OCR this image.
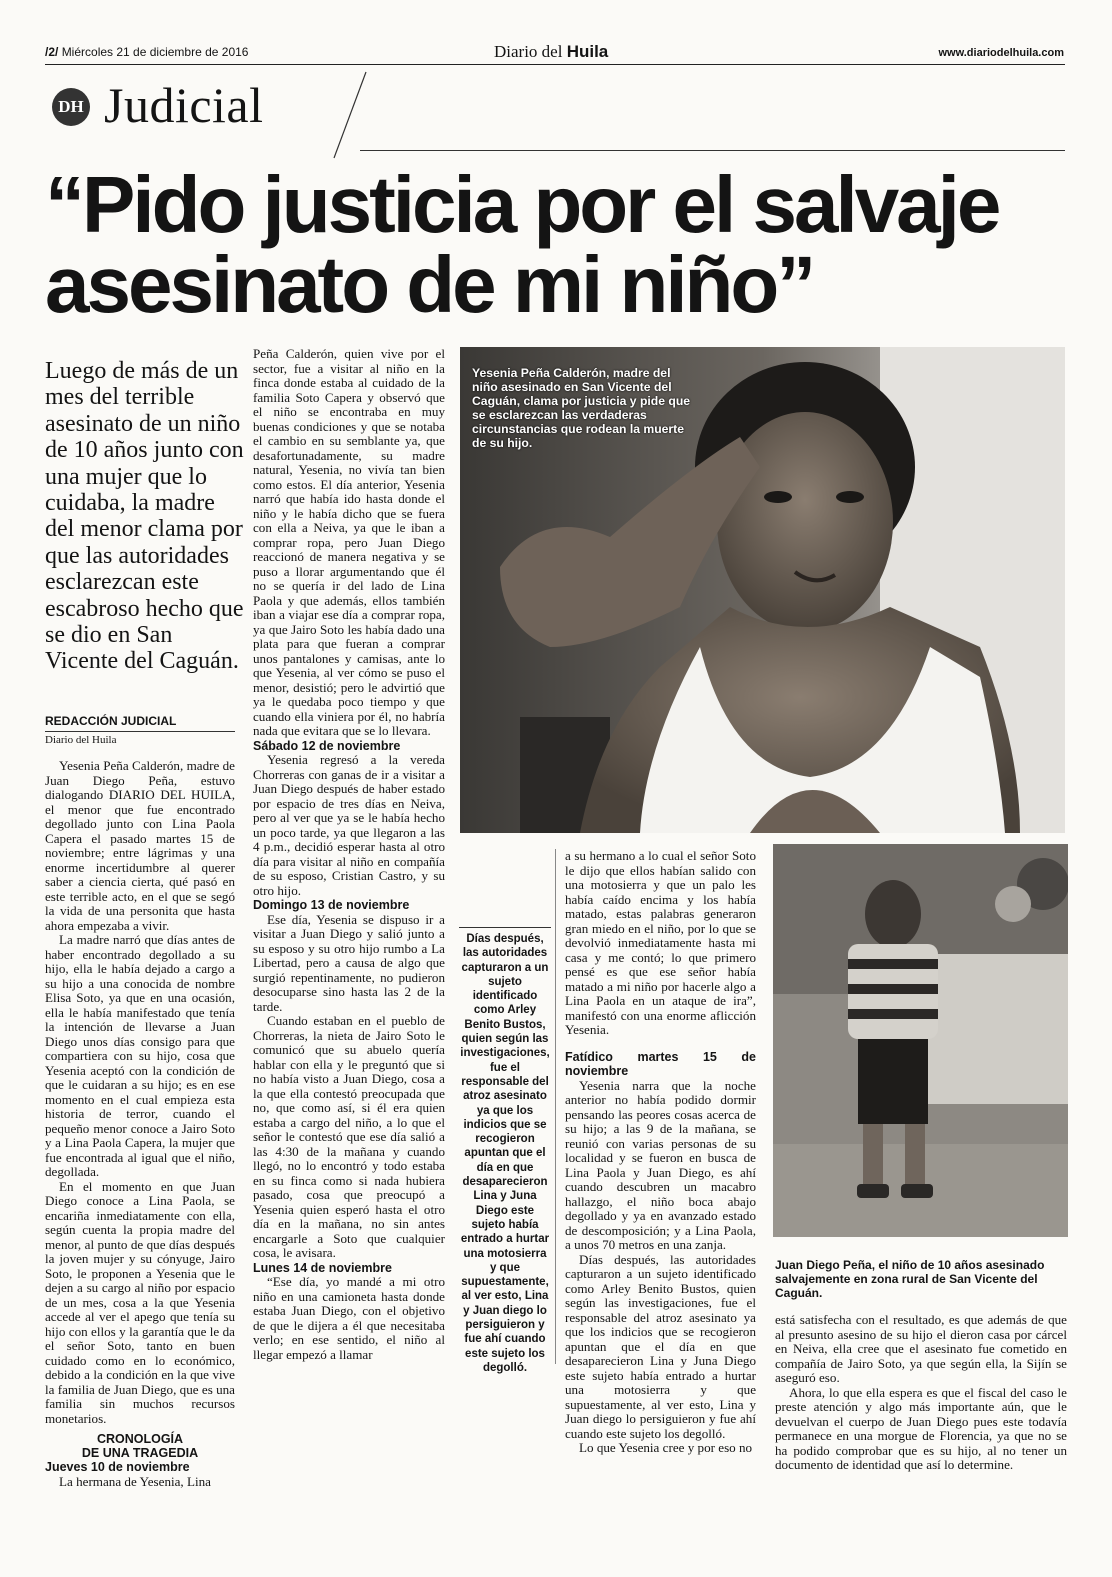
/2/ Miércoles 21 de diciembre de 2016	Diario del Huila	www.diariodelhuila.com
DH Judicial
“Pido justicia por el salvaje asesinato de mi niño”

Luego de más de un mes del terrible asesinato de un niño de 10 años junto con una mujer que lo cuidaba, la madre del menor clama por que las autoridades esclarezcan este escabroso hecho que se dio en San Vicente del Caguán.

REDACCIÓN JUDICIAL
Diario del Huila

Yesenia Peña Calderón, madre de Juan Diego Peña, estuvo dialogando DIARIO DEL HUILA, el menor que fue encontrado degollado junto con Lina Paola Capera el pasado martes 15 de noviembre; entre lágrimas y una enorme incertidumbre al querer saber a ciencia cierta, qué pasó en este terrible acto, en el que se segó la vida de una personita que hasta ahora empezaba a vivir.

La madre narró que días antes de haber encontrado degollado a su hijo, ella le había dejado a cargo a su hijo a una conocida de nombre Elisa Soto, ya que en una ocasión, ella le había manifestado que tenía la intención de llevarse a Juan Diego unos días consigo para que compartiera con su hijo, cosa que Yesenia aceptó con la condición de que le cuidaran a su hijo; es en ese momento en el cual empieza esta historia de terror, cuando el pequeño menor conoce a Jairo Soto y a Lina Paola Capera, la mujer que fue encontrada al igual que el niño, degollada.

En el momento en que Juan Diego conoce a Lina Paola, se encariña inmediatamente con ella, según cuenta la propia madre del menor, al punto de que días después la joven mujer y su cónyuge, Jairo Soto, le proponen a Yesenia que le dejen a su cargo al niño por espacio de un mes, cosa a la que Yesenia accede al ver el apego que tenía su hijo con ellos y la garantía que le da el señor Soto, tanto en buen cuidado como en lo económico, debido a la condición en la que vive la familia de Juan Diego, que es una familia sin muchos recursos monetarios.

CRONOLOGÍA
DE UNA TRAGEDIA

Jueves 10 de noviembre

La hermana de Yesenia, Lina

Peña Calderón, quien vive por el sector, fue a visitar al niño en la finca donde estaba al cuidado de la familia Soto Capera y observó que el niño se encontraba en muy buenas condiciones y que se notaba el cambio en su semblante ya, que desafortunadamente, su madre natural, Yesenia, no vivía tan bien como estos. El día anterior, Yesenia narró que había ido hasta donde el niño y le había dicho que se fuera con ella a Neiva, ya que le iban a comprar ropa, pero Juan Diego reaccionó de manera negativa y se puso a llorar argumentando que él no se quería ir del lado de Lina Paola y que además, ellos también iban a viajar ese día a comprar ropa, ya que Jairo Soto les había dado una plata para que fueran a comprar unos pantalones y camisas, ante lo que Yesenia, al ver cómo se puso el menor, desistió; pero le advirtió que ya le quedaba poco tiempo y que cuando ella viniera por él, no habría nada que evitara que se lo llevara.

Sábado 12 de noviembre

Yesenia regresó a la vereda Chorreras con ganas de ir a visitar a Juan Diego después de haber estado por espacio de tres días en Neiva, pero al ver que ya se le había hecho un poco tarde, ya que llegaron a las 4 p.m., decidió esperar hasta al otro día para visitar al niño en compañía de su esposo, Cristian Castro, y su otro hijo.

Domingo 13 de noviembre

Ese día, Yesenia se dispuso ir a visitar a Juan Diego y salió junto a su esposo y su otro hijo rumbo a La Libertad, pero a causa de algo que surgió repentinamente, no pudieron desocuparse sino hasta las 2 de la tarde.

Cuando estaban en el pueblo de Chorreras, la nieta de Jairo Soto le comunicó que su abuelo quería hablar con ella y le preguntó que si no había visto a Juan Diego, cosa a la que ella contestó preocupada que no, que como así, si él era quien estaba a cargo del niño, a lo que el señor le contestó que ese día salió a las 4:30 de la mañana y cuando llegó, no lo encontró y todo estaba en su finca como si nada hubiera pasado, cosa que preocupó a Yesenia quien esperó hasta el otro día en la mañana, no sin antes encargarle a Soto que cualquier cosa, le avisara.

Lunes 14 de noviembre

“Ese día, yo mandé a mi otro niño en una camioneta hasta donde estaba Juan Diego, con el objetivo de que le dijera a él que necesitaba verlo; en ese sentido, el niño al llegar empezó a llamar

Yesenia Peña Calderón, madre del niño asesinado en San Vicente del Caguán, clama por justicia y pide que se esclarezcan las verdaderas circunstancias que rodean la muerte de su hijo.

Días después, las autoridades capturaron a un sujeto identificado como Arley Benito Bustos, quien según las investigaciones, fue el responsable del atroz asesinato ya que los indicios que se recogieron apuntan que el día en que desaparecieron Lina y Juna Diego este sujeto había entrado a hurtar una motosierra y que supuestamente, al ver esto, Lina y Juan diego lo persiguieron y fue ahí cuando este sujeto los degolló.

a su hermano a lo cual el señor Soto le dijo que ellos habían salido con una motosierra y que un palo les había caído encima y los había matado, estas palabras generaron gran miedo en el niño, por lo que se devolvió inmediatamente hasta mi casa y me contó; lo que primero pensé es que ese señor había matado a mi niño por hacerle algo a Lina Paola en un ataque de ira”, manifestó con una enorme aflicción Yesenia.

Fatídico martes 15 de noviembre

Yesenia narra que la noche anterior no había podido dormir pensando las peores cosas acerca de su hijo; a las 9 de la mañana, se reunió con varias personas de su localidad y se fueron en busca de Lina Paola y Juan Diego, es ahí cuando descubren un macabro hallazgo, el niño boca abajo degollado y ya en avanzado estado de descomposición; y a Lina Paola, a unos 70 metros en una zanja.

Días después, las autoridades capturaron a un sujeto identificado como Arley Benito Bustos, quien según las investigaciones, fue el responsable del atroz asesinato ya que los indicios que se recogieron apuntan que el día en que desaparecieron Lina y Juna Diego este sujeto había entrado a hurtar una motosierra y que supuestamente, al ver esto, Lina y Juan diego lo persiguieron y fue ahí cuando este sujeto los degolló.

Lo que Yesenia cree y por eso no

Juan Diego Peña, el niño de 10 años asesinado salvajemente en zona rural de San Vicente del Caguán.

está satisfecha con el resultado, es que además de que al presunto asesino de su hijo el dieron casa por cárcel en Neiva, ella cree que el asesinato fue cometido en compañía de Jairo Soto, ya que según ella, la Sijín se aseguró eso.

Ahora, lo que ella espera es que el fiscal del caso le preste atención y algo más importante aún, que le devuelvan el cuerpo de Juan Diego pues este todavía permanece en una morgue de Florencia, ya que no se ha podido comprobar que es su hijo, al no tener un documento de identidad que así lo determine.
